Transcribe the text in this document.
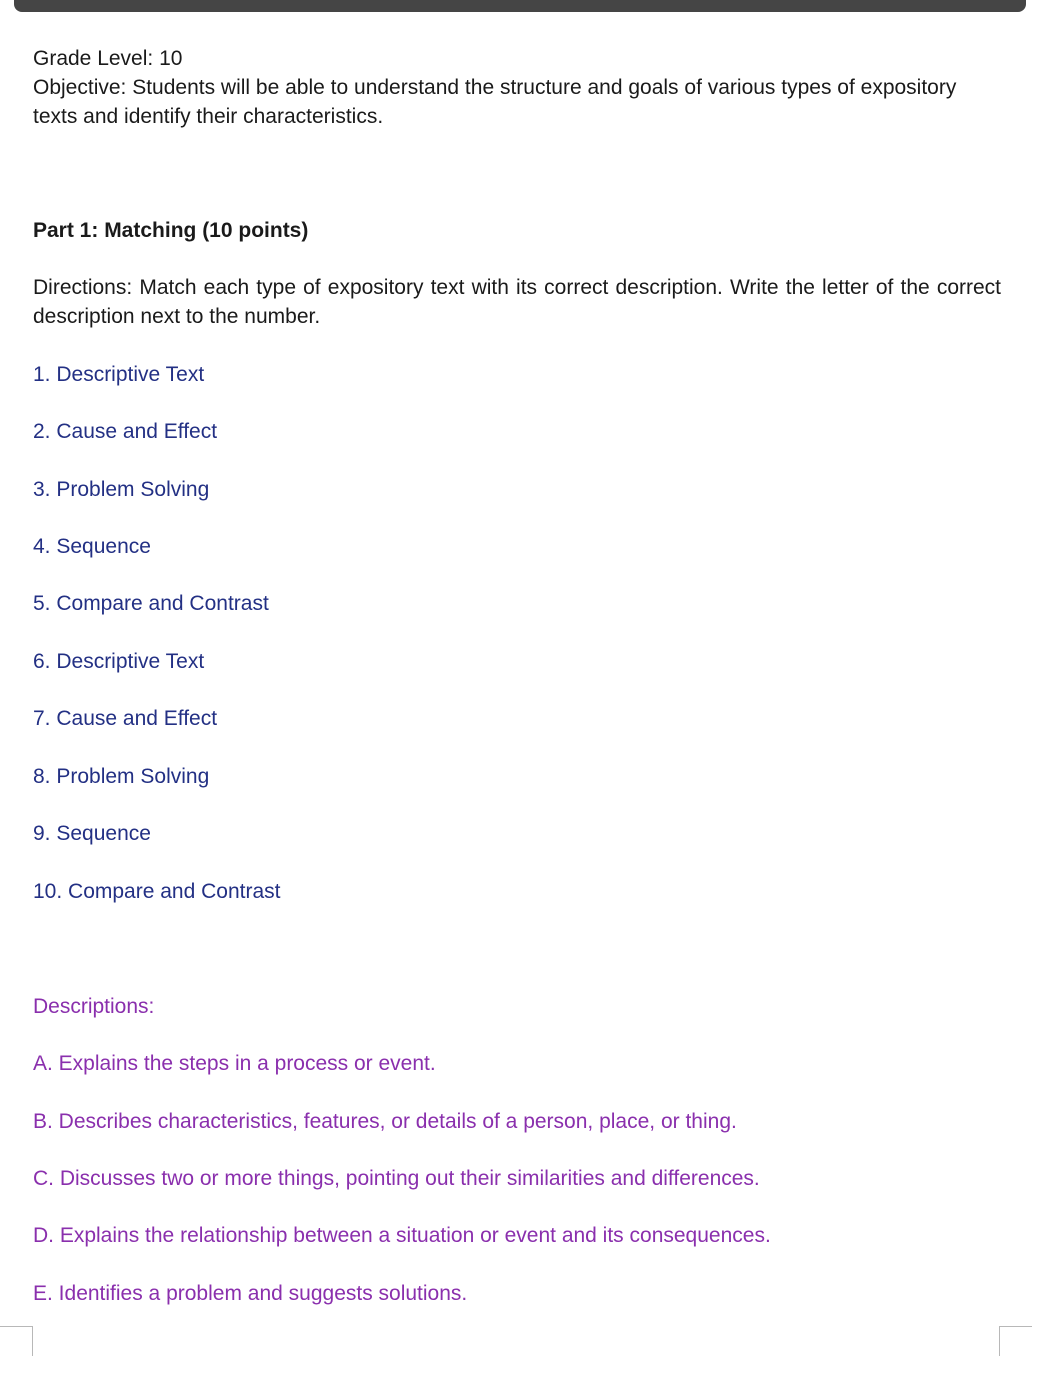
Grade Level: 10
Objective: Students will be able to understand the structure and goals of various types of expository texts and identify their characteristics.
Part 1: Matching (10 points)
Directions: Match each type of expository text with its correct description. Write the letter of the correct description next to the number.
1. Descriptive Text
2. Cause and Effect
3. Problem Solving
4. Sequence
5. Compare and Contrast
6. Descriptive Text
7. Cause and Effect
8. Problem Solving
9. Sequence
10. Compare and Contrast
Descriptions:
A. Explains the steps in a process or event.
B. Describes characteristics, features, or details of a person, place, or thing.
C. Discusses two or more things, pointing out their similarities and differences.
D. Explains the relationship between a situation or event and its consequences.
E. Identifies a problem and suggests solutions.
